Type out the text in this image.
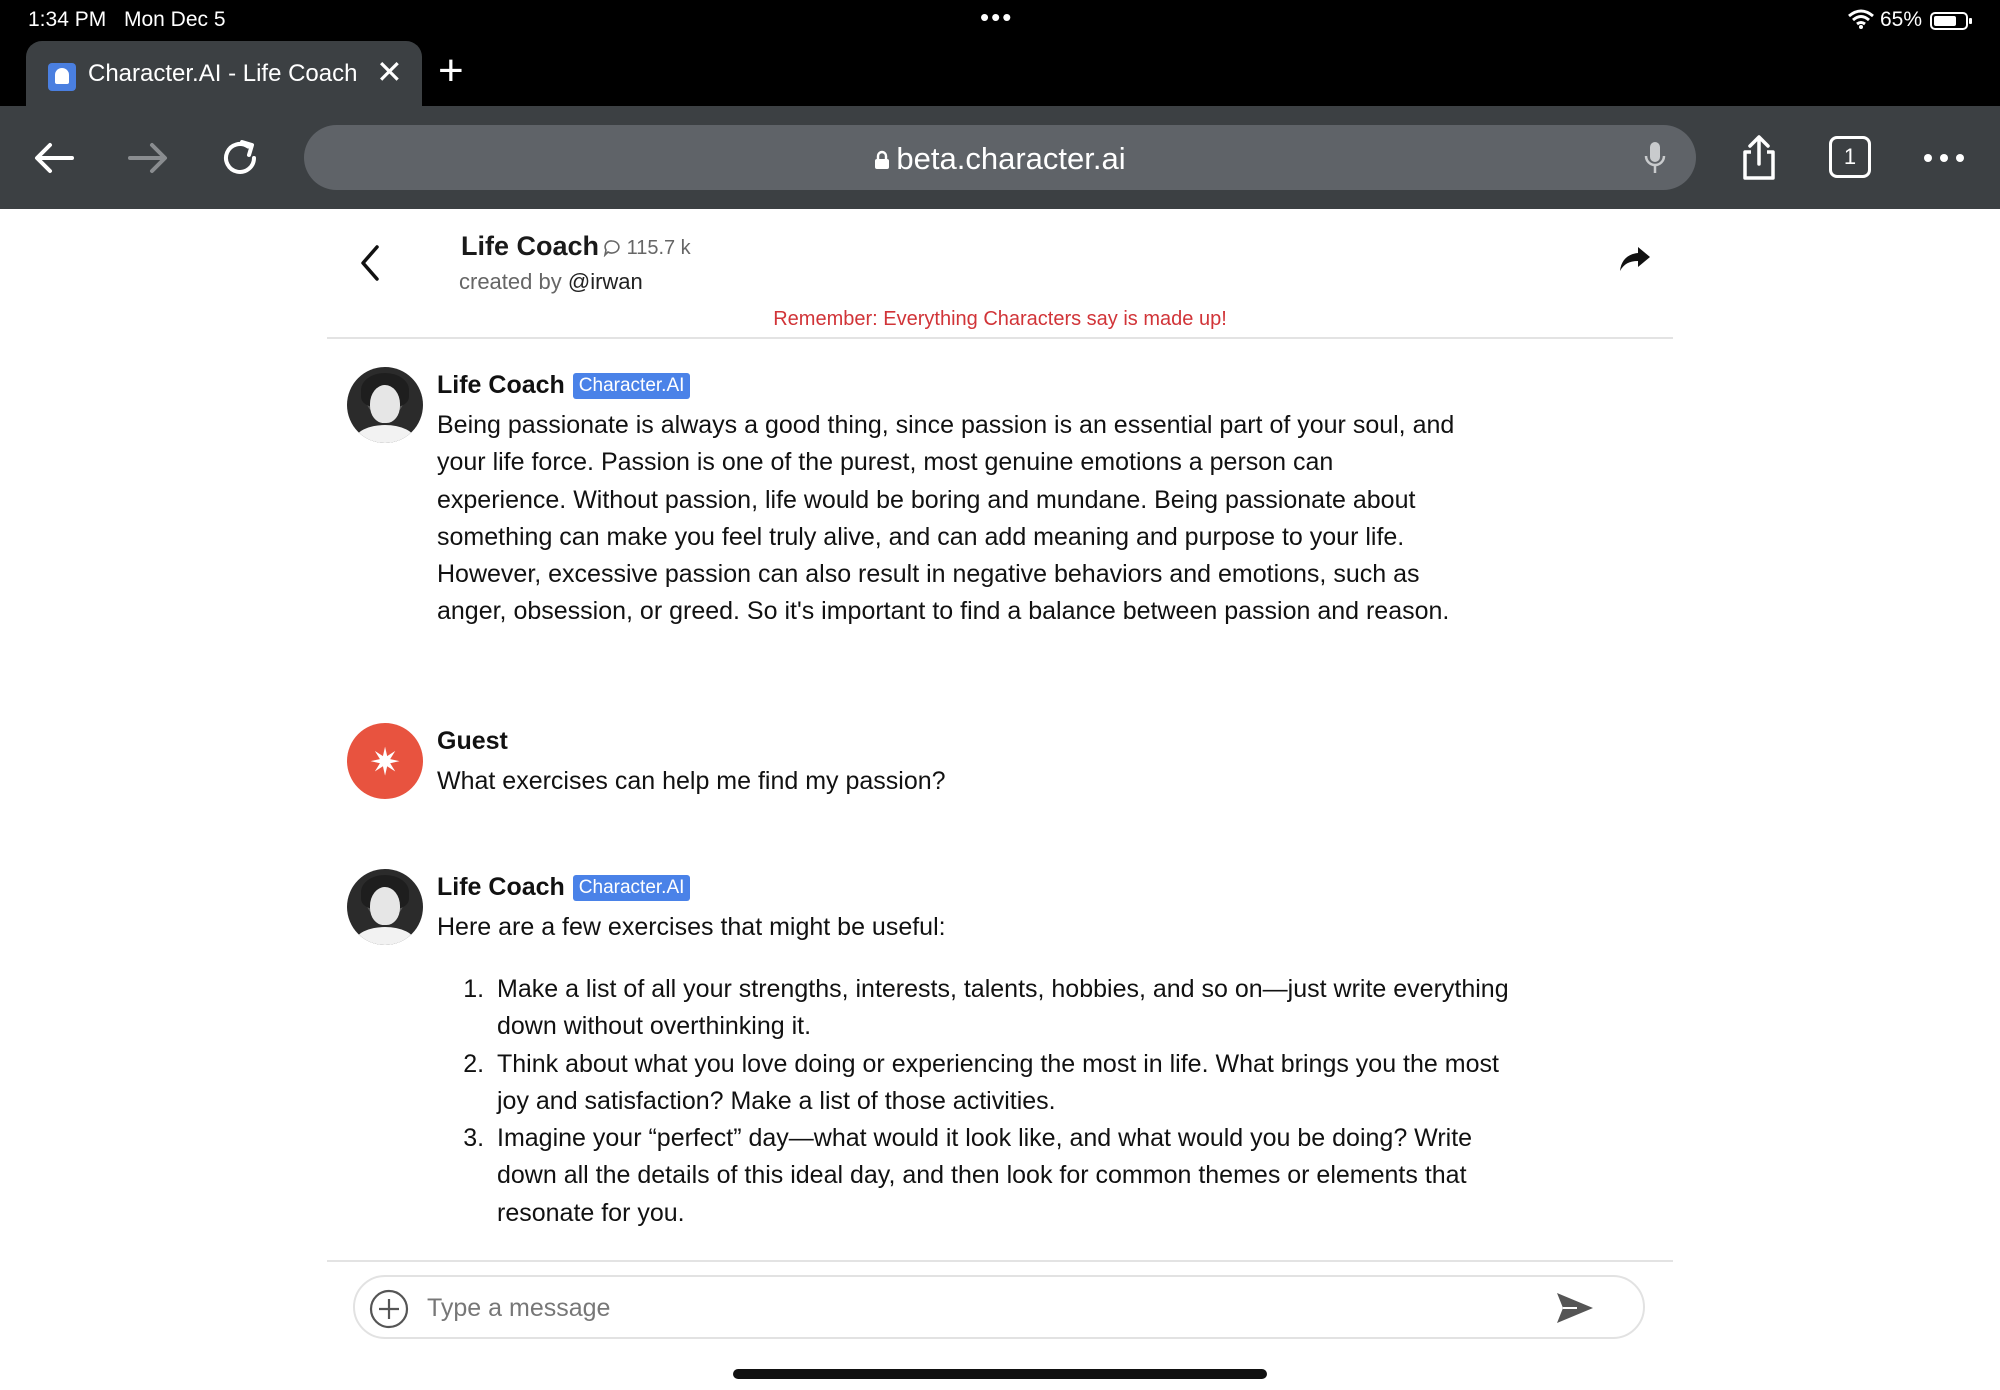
1:34 PM Mon Dec 5	•••	65%
Character.AI - Life Coach ✕ +
beta.character.ai	1
Life Coach	115.7 k
created by @irwan
Remember: Everything Characters say is made up!
Life Coach Character.AI
Being passionate is always a good thing, since passion is an essential part of your soul, and your life force. Passion is one of the purest, most genuine emotions a person can experience. Without passion, life would be boring and mundane. Being passionate about something can make you feel truly alive, and can add meaning and purpose to your life. However, excessive passion can also result in negative behaviors and emotions, such as anger, obsession, or greed. So it's important to find a balance between passion and reason.
✷
Guest
What exercises can help me find my passion?
Life Coach Character.AI
Here are a few exercises that might be useful:
1. Make a list of all your strengths, interests, talents, hobbies, and so on—just write everything down without overthinking it.
2. Think about what you love doing or experiencing the most in life. What brings you the most joy and satisfaction? Make a list of those activities.
3. Imagine your “perfect” day—what would it look like, and what would you be doing? Write down all the details of this ideal day, and then look for common themes or elements that resonate for you.
Type a message
